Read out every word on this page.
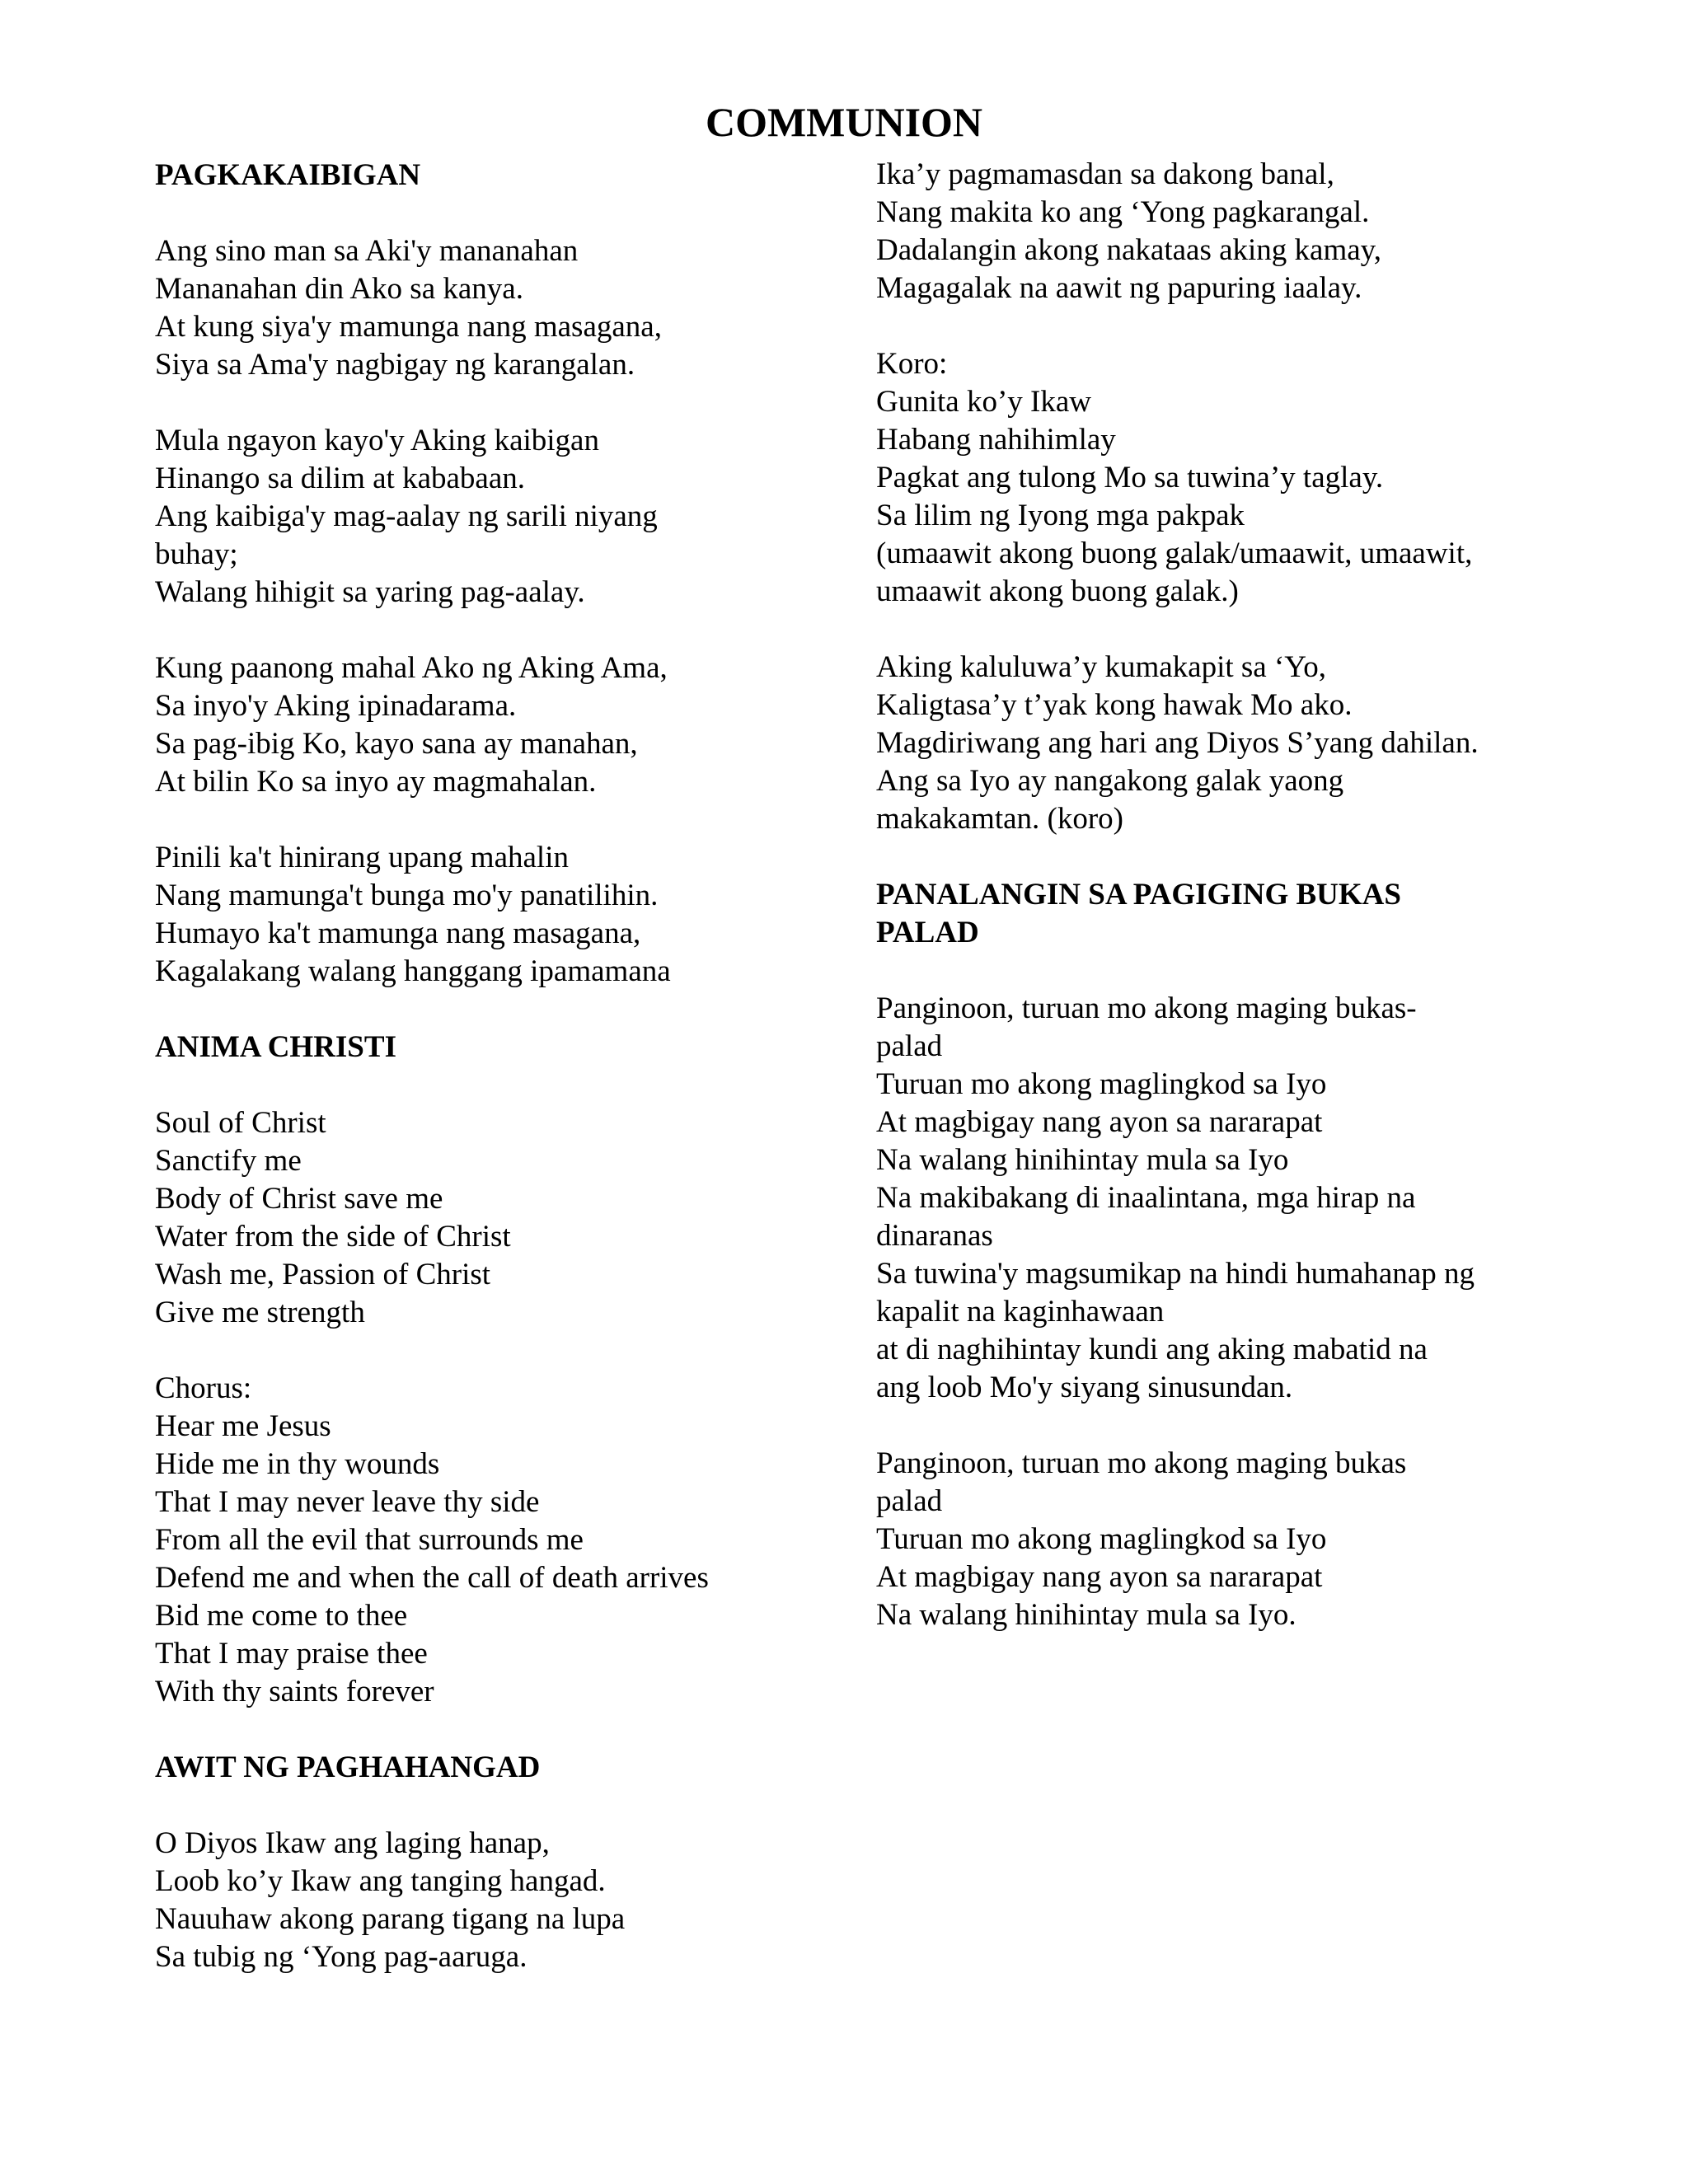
COMMUNION
PAGKAKAIBIGAN
Ang sino man sa Aki'y mananahan
Mananahan din Ako sa kanya.
At kung siya'y mamunga nang masagana,
Siya sa Ama'y nagbigay ng karangalan.
Mula ngayon kayo'y Aking kaibigan
Hinango sa dilim at kababaan.
Ang kaibiga'y mag-aalay ng sarili niyang
buhay;
Walang hihigit sa yaring pag-aalay.
Kung paanong mahal Ako ng Aking Ama,
Sa inyo'y Aking ipinadarama.
Sa pag-ibig Ko, kayo sana ay manahan,
At bilin Ko sa inyo ay magmahalan.
Pinili ka't hinirang upang mahalin
Nang mamunga't bunga mo'y panatilihin.
Humayo ka't mamunga nang masagana,
Kagalakang walang hanggang ipamamana
ANIMA CHRISTI
Soul of Christ
Sanctify me
Body of Christ save me
Water from the side of Christ
Wash me, Passion of Christ
Give me strength
Chorus:
Hear me Jesus
Hide me in thy wounds
That I may never leave thy side
From all the evil that surrounds me
Defend me and when the call of death arrives
Bid me come to thee
That I may praise thee
With thy saints forever
AWIT NG PAGHAHANGAD
O Diyos Ikaw ang laging hanap,
Loob ko’y Ikaw ang tanging hangad.
Nauuhaw akong parang tigang na lupa
Sa tubig ng ‘Yong pag-aaruga.
Ika’y pagmamasdan sa dakong banal,
Nang makita ko ang ‘Yong pagkarangal.
Dadalangin akong nakataas aking kamay,
Magagalak na aawit ng papuring iaalay.
Koro:
Gunita ko’y Ikaw
Habang nahihimlay
Pagkat ang tulong Mo sa tuwina’y taglay.
Sa lilim ng Iyong mga pakpak
(umaawit akong buong galak/umaawit, umaawit,
umaawit akong buong galak.)
Aking kaluluwa’y kumakapit sa ‘Yo,
Kaligtasa’y t’yak kong hawak Mo ako.
Magdiriwang ang hari ang Diyos S’yang dahilan.
Ang sa Iyo ay nangakong galak yaong
makakamtan. (koro)
PANALANGIN SA PAGIGING BUKAS
PALAD
Panginoon, turuan mo akong maging bukas-
palad
Turuan mo akong maglingkod sa Iyo
At magbigay nang ayon sa nararapat
Na walang hinihintay mula sa Iyo
Na makibakang di inaalintana, mga hirap na
dinaranas
Sa tuwina'y magsumikap na hindi humahanap ng
kapalit na kaginhawaan
at di naghihintay kundi ang aking mabatid na
ang loob Mo'y siyang sinusundan.
Panginoon, turuan mo akong maging bukas
palad
Turuan mo akong maglingkod sa Iyo
At magbigay nang ayon sa nararapat
Na walang hinihintay mula sa Iyo.
